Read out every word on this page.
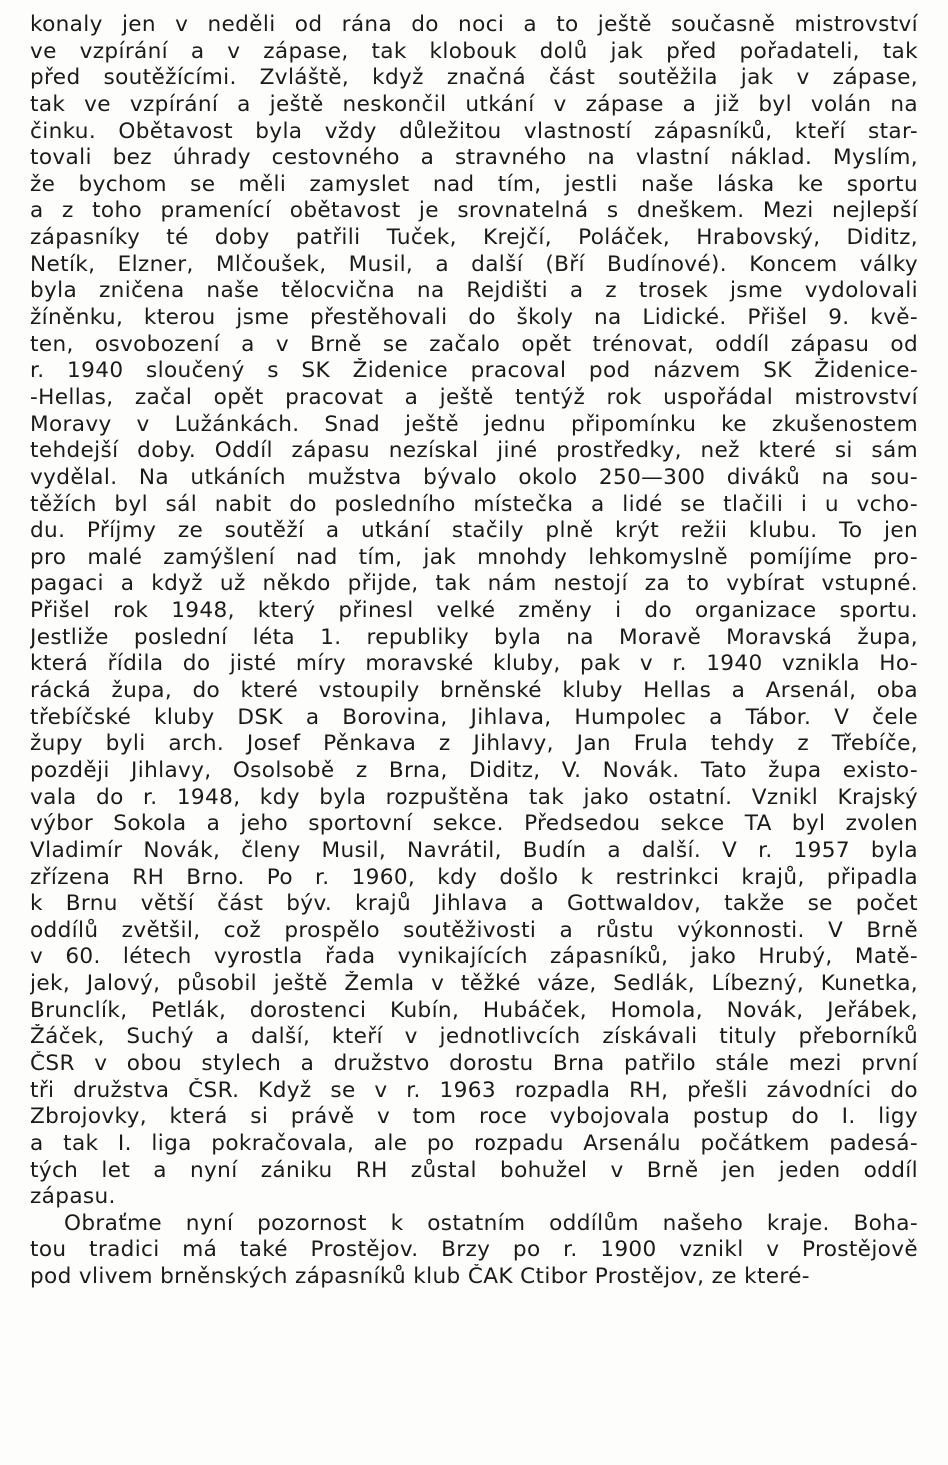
konaly jen v neděli od rána do noci a to ještě současně mistrovství
ve vzpírání a v zápase, tak klobouk dolů jak před pořadateli, tak
před soutěžícími. Zvláště, když značná část soutěžila jak v zápase,
tak ve vzpírání a ještě neskončil utkání v zápase a již byl volán na
činku. Obětavost byla vždy důležitou vlastností zápasníků, kteří star-
tovali bez úhrady cestovného a stravného na vlastní náklad. Myslím,
že bychom se měli zamyslet nad tím, jestli naše láska ke sportu
a z toho pramenící obětavost je srovnatelná s dneškem. Mezi nejlepší
zápasníky té doby patřili Tuček, Krejčí, Poláček, Hrabovský, Diditz,
Netík, Elzner, Mlčoušek, Musil, a další (Bří Budínové). Koncem války
byla zničena naše tělocvična na Rejdišti a z trosek jsme vydolovali
žíněnku, kterou jsme přestěhovali do školy na Lidické. Přišel 9. kvě-
ten, osvobození a v Brně se začalo opět trénovat, oddíl zápasu od
r. 1940 sloučený s SK Židenice pracoval pod názvem SK Židenice-
-Hellas, začal opět pracovat a ještě tentýž rok uspořádal mistrovství
Moravy v Lužánkách. Snad ještě jednu připomínku ke zkušenostem
tehdejší doby. Oddíl zápasu nezískal jiné prostředky, než které si sám
vydělal. Na utkáních mužstva bývalo okolo 250—300 diváků na sou-
těžích byl sál nabit do posledního místečka a lidé se tlačili i u vcho-
du. Příjmy ze soutěží a utkání stačily plně krýt režii klubu. To jen
pro malé zamýšlení nad tím, jak mnohdy lehkomyslně pomíjíme pro-
pagaci a když už někdo přijde, tak nám nestojí za to vybírat vstupné.
Přišel rok 1948, který přinesl velké změny i do organizace sportu.
Jestliže poslední léta 1. republiky byla na Moravě Moravská župa,
která řídila do jisté míry moravské kluby, pak v r. 1940 vznikla Ho-
rácká župa, do které vstoupily brněnské kluby Hellas a Arsenál, oba
třebíčské kluby DSK a Borovina, Jihlava, Humpolec a Tábor. V čele
župy byli arch. Josef Pěnkava z Jihlavy, Jan Frula tehdy z Třebíče,
později Jihlavy, Osolsobě z Brna, Diditz, V. Novák. Tato župa existo-
vala do r. 1948, kdy byla rozpuštěna tak jako ostatní. Vznikl Krajský
výbor Sokola a jeho sportovní sekce. Předsedou sekce TA byl zvolen
Vladimír Novák, členy Musil, Navrátil, Budín a další. V r. 1957 byla
zřízena RH Brno. Po r. 1960, kdy došlo k restrinkci krajů, připadla
k Brnu větší část býv. krajů Jihlava a Gottwaldov, takže se počet
oddílů zvětšil, což prospělo soutěživosti a růstu výkonnosti. V Brně
v 60. létech vyrostla řada vynikajících zápasníků, jako Hrubý, Matě-
jek, Jalový, působil ještě Žemla v těžké váze, Sedlák, Líbezný, Kunetka,
Brunclík, Petlák, dorostenci Kubín, Hubáček, Homola, Novák, Jeřábek,
Žáček, Suchý a další, kteří v jednotlivcích získávali tituly přeborníků
ČSR v obou stylech a družstvo dorostu Brna patřilo stále mezi první
tři družstva ČSR. Když se v r. 1963 rozpadla RH, přešli závodníci do
Zbrojovky, která si právě v tom roce vybojovala postup do I. ligy
a tak I. liga pokračovala, ale po rozpadu Arsenálu počátkem padesá-
tých let a nyní zániku RH zůstal bohužel v Brně jen jeden oddíl
zápasu.
Obraťme nyní pozornost k ostatním oddílům našeho kraje. Boha-
tou tradici má také Prostějov. Brzy po r. 1900 vznikl v Prostějově
pod vlivem brněnských zápasníků klub ČAK Ctibor Prostějov, ze které-
